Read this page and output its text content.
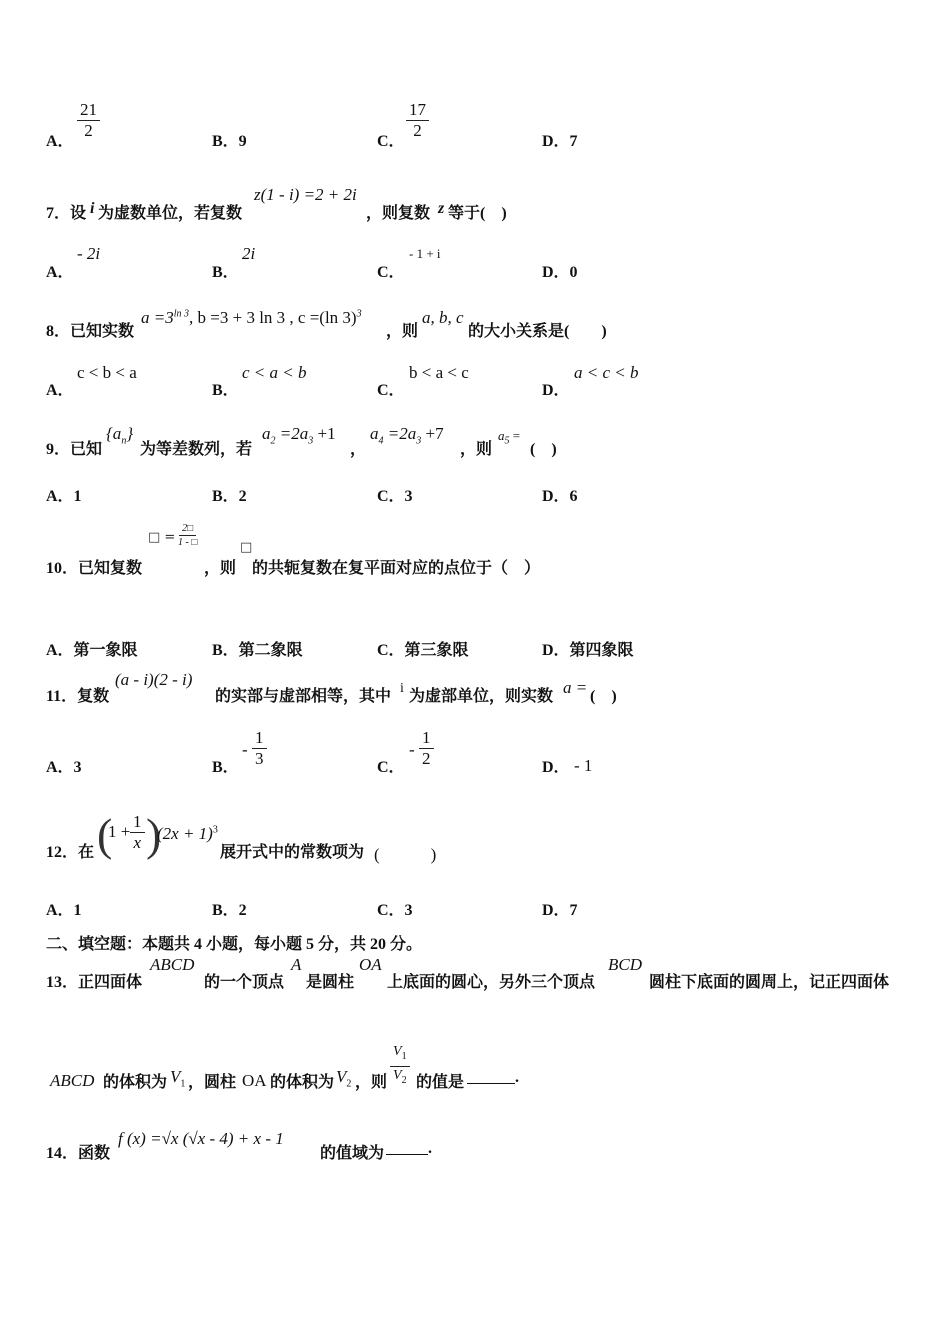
A．
$\frac{21}{2}$
B．9	C．
$\frac{17}{2}$
D．7
7．设 i 为虚数单位，若复数
z(1 - i) =2 + 2i
，则复数 z 等于(　)
A．
- 2i
B．
2i
C．
- 1 + i
D．0
8．已知实数
$a =3^{ln 3}$, b =3 + 3 ln 3 , c =(ln 3)$^3$
，则
a, b, c
的大小关系是(　　)
A．
c < b < a
B．
c < a < b
C．
b < a < c
D．
a < c < b
9．已知
$\{a_n\}$
为等差数列，若
$a_2 =2a_3 +1$
，
$a_4 =2a_3 +7$
，则
$a_5$ =
(　)
A．1	B．2	C．3	D．6
10．已知复数
□ = $\frac{2□}{1 - □}$
，则
□
的共轭复数在复平面对应的点位于（　）
A．第一象限	B．第二象限	C．第三象限	D．第四象限
11．复数
(a - i)(2 - i)
的实部与虚部相等，其中 i 为虚部单位，则实数 a = (　)
A．3	B．
- $\frac{1}{3}$	C．
- $\frac{1}{2}$	D． - 1
12．在 (
$1 + \frac{1}{x}$ )
$(2x + 1)^3$
展开式中的常数项为 (　　　)
A．1	B．2	C．3	D．7
二、填空题：本题共 4 小题，每小题 5 分，共 20 分。
13．正四面体
ABCD
的一个顶点
A
是圆柱
OA
上底面的圆心，另外三个顶点
BCD
圆柱下底面的圆周上，记正四面体
ABCD 的体积为 $V_1$ ，圆柱 OA 的体积为 $V_2$ ，则 $\frac{V_1}{V_2}$ 的值是	.
14．函数
f (x) =√x (√x - 4) + x - 1
的值域为	.
